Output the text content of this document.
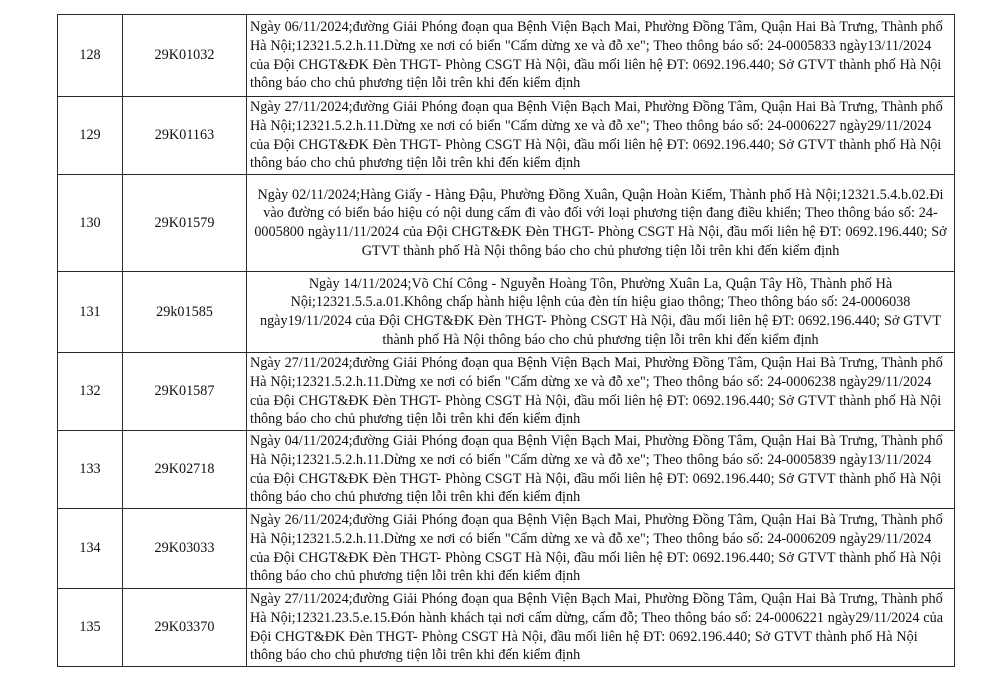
128	29K01032	Ngày 06/11/2024;đường Giải Phóng đoạn qua Bệnh Viện Bạch Mai, Phường Đồng Tâm, Quận Hai Bà Trưng, Thành phố Hà Nội;12321.5.2.h.11.Dừng xe nơi có biển "Cấm dừng xe và đỗ xe"; Theo thông báo số: 24-0005833 ngày13/11/2024 của Đội CHGT&ĐK Đèn THGT- Phòng CSGT Hà Nội, đầu mối liên hệ ĐT: 0692.196.440; Sở GTVT thành phố Hà Nội thông báo cho chủ phương tiện lỗi trên khi đến kiểm định
129	29K01163	Ngày 27/11/2024;đường Giải Phóng đoạn qua Bệnh Viện Bạch Mai, Phường Đồng Tâm, Quận Hai Bà Trưng, Thành phố Hà Nội;12321.5.2.h.11.Dừng xe nơi có biển "Cấm dừng xe và đỗ xe"; Theo thông báo số: 24-0006227 ngày29/11/2024 của Đội CHGT&ĐK Đèn THGT- Phòng CSGT Hà Nội, đầu mối liên hệ ĐT: 0692.196.440; Sở GTVT thành phố Hà Nội thông báo cho chủ phương tiện lỗi trên khi đến kiểm định
130	29K01579	Ngày 02/11/2024;Hàng Giấy - Hàng Đậu, Phường Đồng Xuân, Quận Hoàn Kiếm, Thành phố Hà Nội;12321.5.4.b.02.Đi vào đường có biển báo hiệu có nội dung cấm đi vào đối với loại phương tiện đang điều khiển; Theo thông báo số: 24-0005800 ngày11/11/2024 của Đội CHGT&ĐK Đèn THGT- Phòng CSGT Hà Nội, đầu mối liên hệ ĐT: 0692.196.440; Sở GTVT thành phố Hà Nội thông báo cho chủ phương tiện lỗi trên khi đến kiểm định
131	29k01585	Ngày 14/11/2024;Võ Chí Công - Nguyễn Hoàng Tôn, Phường Xuân La, Quận Tây Hồ, Thành phố Hà Nội;12321.5.5.a.01.Không chấp hành hiệu lệnh của đèn tín hiệu giao thông; Theo thông báo số: 24-0006038 ngày19/11/2024 của Đội CHGT&ĐK Đèn THGT- Phòng CSGT Hà Nội, đầu mối liên hệ ĐT: 0692.196.440; Sở GTVT thành phố Hà Nội thông báo cho chủ phương tiện lỗi trên khi đến kiểm định
132	29K01587	Ngày 27/11/2024;đường Giải Phóng đoạn qua Bệnh Viện Bạch Mai, Phường Đồng Tâm, Quận Hai Bà Trưng, Thành phố Hà Nội;12321.5.2.h.11.Dừng xe nơi có biển "Cấm dừng xe và đỗ xe"; Theo thông báo số: 24-0006238 ngày29/11/2024 của Đội CHGT&ĐK Đèn THGT- Phòng CSGT Hà Nội, đầu mối liên hệ ĐT: 0692.196.440; Sở GTVT thành phố Hà Nội thông báo cho chủ phương tiện lỗi trên khi đến kiểm định
133	29K02718	Ngày 04/11/2024;đường Giải Phóng đoạn qua Bệnh Viện Bạch Mai, Phường Đồng Tâm, Quận Hai Bà Trưng, Thành phố Hà Nội;12321.5.2.h.11.Dừng xe nơi có biển "Cấm dừng xe và đỗ xe"; Theo thông báo số: 24-0005839 ngày13/11/2024 của Đội CHGT&ĐK Đèn THGT- Phòng CSGT Hà Nội, đầu mối liên hệ ĐT: 0692.196.440; Sở GTVT thành phố Hà Nội thông báo cho chủ phương tiện lỗi trên khi đến kiểm định
134	29K03033	Ngày 26/11/2024;đường Giải Phóng đoạn qua Bệnh Viện Bạch Mai, Phường Đồng Tâm, Quận Hai Bà Trưng, Thành phố Hà Nội;12321.5.2.h.11.Dừng xe nơi có biển "Cấm dừng xe và đỗ xe"; Theo thông báo số: 24-0006209 ngày29/11/2024 của Đội CHGT&ĐK Đèn THGT- Phòng CSGT Hà Nội, đầu mối liên hệ ĐT: 0692.196.440; Sở GTVT thành phố Hà Nội thông báo cho chủ phương tiện lỗi trên khi đến kiểm định
135	29K03370	Ngày 27/11/2024;đường Giải Phóng đoạn qua Bệnh Viện Bạch Mai, Phường Đồng Tâm, Quận Hai Bà Trưng, Thành phố Hà Nội;12321.23.5.e.15.Đón hành khách tại nơi cấm dừng, cấm đỗ; Theo thông báo số: 24-0006221 ngày29/11/2024 của Đội CHGT&ĐK Đèn THGT- Phòng CSGT Hà Nội, đầu mối liên hệ ĐT: 0692.196.440; Sở GTVT thành phố Hà Nội thông báo cho chủ phương tiện lỗi trên khi đến kiểm định
